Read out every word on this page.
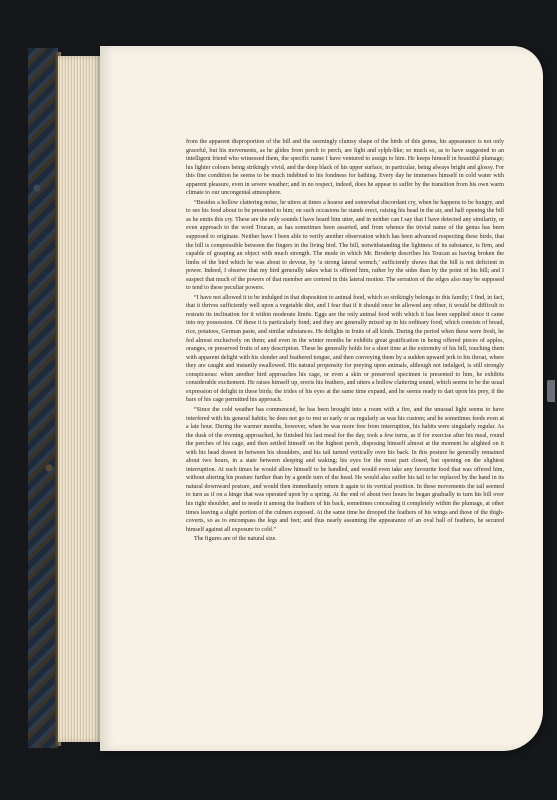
from the apparent disproportion of the bill and the seemingly clumsy shape of the birds of this genus, his appearance is not only graceful, but his movements, as he glides from perch to perch, are light and sylph-like; so much so, as to have suggested to an intelligent friend who witnessed them, the specific name I have ventured to assign to him. He keeps himself in beautiful plumage; his lighter colours being strikingly vivid, and the deep black of his upper surface, in particular, being always bright and glossy. For this fine condition he seems to be much indebted to his fondness for bathing. Every day he immerses himself in cold water with apparent pleasure, even in severe weather; and in no respect, indeed, does he appear to suffer by the transition from his own warm climate to our uncongenial atmosphere.

“Besides a hollow clattering noise, he utters at times a hoarse and somewhat discordant cry, when he happens to be hungry, and to see his food about to be presented to him; on such occasions he stands erect, raising his head in the air, and half opening the bill as he emits this cry. These are the only sounds I have heard him utter, and in neither can I say that I have detected any similarity, or even approach to the word Toucan, as has sometimes been asserted, and from whence the trivial name of the genus has been supposed to originate. Neither have I been able to verify another observation which has been advanced respecting these birds, that the bill is compressible between the fingers in the living bird. The bill, notwithstanding the lightness of its substance, is firm, and capable of grasping an object with much strength. The mode in which Mr. Broderip describes his Toucan as having broken the limbs of the bird which he was about to devour, by ‘a strong lateral wrench,’ sufficiently shows that the bill is not deficient in power. Indeed, I observe that my bird generally takes what is offered him, rather by the sides than by the point of his bill; and I suspect that much of the powers of that member are centred in this lateral motion. The serration of the edges also may be supposed to tend to these peculiar powers.

“I have not allowed it to be indulged in that disposition to animal food, which so strikingly belongs to this family; I find, in fact, that it thrives sufficiently well upon a vegetable diet, and I fear that if it should once be allowed any other, it would be difficult to restrain its inclination for it within moderate limits. Eggs are the only animal food with which it has been supplied since it came into my possession. Of these it is particularly fond; and they are generally mixed up in his ordinary food, which consists of bread, rice, potatoes, German paste, and similar substances. He delights in fruits of all kinds. During the period when these were fresh, he fed almost exclusively on them; and even in the winter months he exhibits great gratification in being offered pieces of apples, oranges, or preserved fruits of any description. These he generally holds for a short time at the extremity of his bill, touching them with apparent delight with his slender and feathered tongue, and then conveying them by a sudden upward jerk to his throat, where they are caught and instantly swallowed. His natural propensity for preying upon animals, although not indulged, is still strongly conspicuous: when another bird approaches his cage, or even a skin or preserved specimen is presented to him, he exhibits considerable excitement. He raises himself up, erects his feathers, and utters a hollow clattering sound, which seems to be the usual expression of delight in these birds; the irides of his eyes at the same time expand, and he seems ready to dart upon his prey, if the bars of his cage permitted his approach.

“Since the cold weather has commenced, he has been brought into a room with a fire, and the unusual light seems to have interfered with his general habits; he does not go to rest so early or as regularly as was his custom; and he sometimes feeds even at a late hour. During the warmer months, however, when he was more free from interruption, his habits were singularly regular. As the dusk of the evening approached, he finished his last meal for the day, took a few turns, as if for exercise after his meal, round the perches of his cage, and then settled himself on the highest perch, disposing himself almost at the moment he alighted on it with his head drawn in between his shoulders, and his tail turned vertically over his back. In this posture he generally remained about two hours, in a state between sleeping and waking; his eyes for the most part closed, but opening on the slightest interruption. At such times he would allow himself to be handled, and would even take any favourite food that was offered him, without altering his posture further than by a gentle turn of the head. He would also suffer his tail to be replaced by the hand in its natural downward posture, and would then immediately return it again to its vertical position. In these movements the tail seemed to turn as if on a hinge that was operated upon by a spring. At the end of about two hours he began gradually to turn his bill over his right shoulder, and to nestle it among the feathers of his back, sometimes concealing it completely within the plumage, at other times leaving a slight portion of the culmen exposed. At the same time he drooped the feathers of his wings and those of the thigh-coverts, so as to encompass the legs and feet; and thus nearly assuming the appearance of an oval ball of feathers, he secured himself against all exposure to cold.”

The figures are of the natural size.
